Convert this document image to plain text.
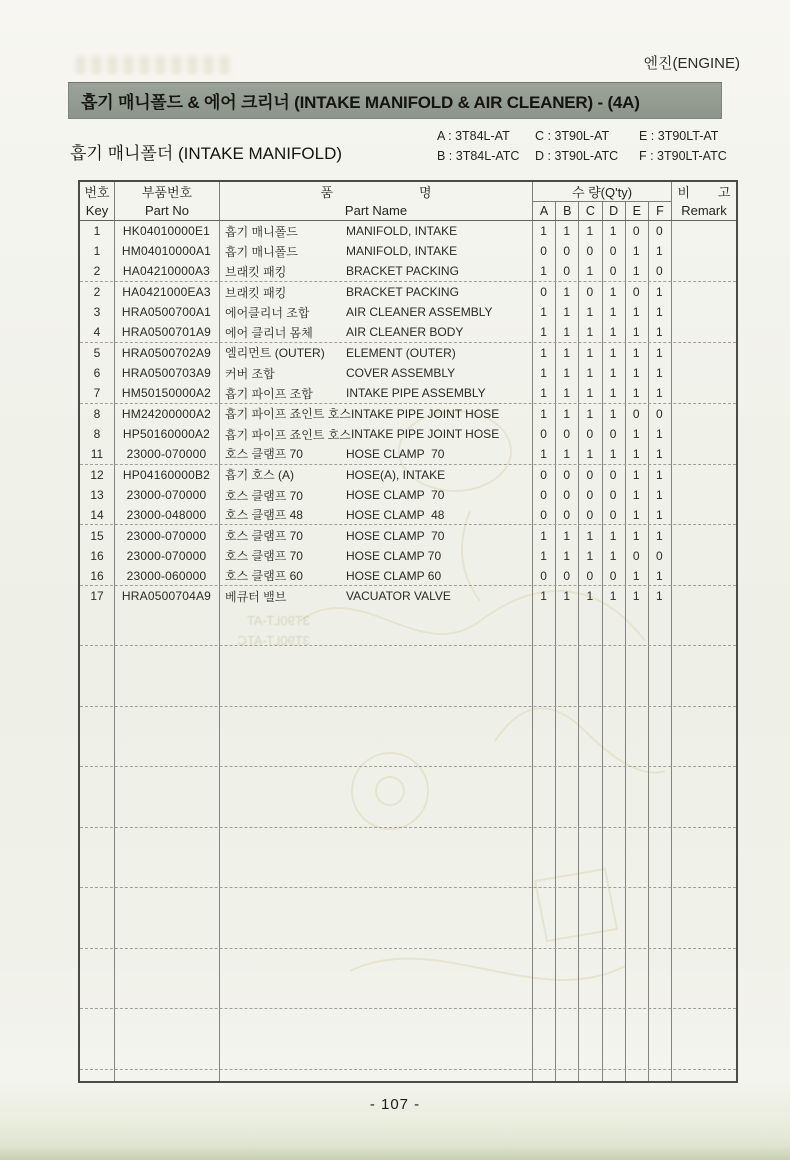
엔진(ENGINE)
흡기 매니폴드 & 에어 크리너 (INTAKE MANIFOLD & AIR CLEANER) - (4A)
흡기 매니폴더 (INTAKE MANIFOLD)
A : 3T84L-AT	C : 3T90L-AT	E : 3T90LT-AT
B : 3T84L-ATC	D : 3T90L-ATC	F : 3T90LT-ATC
번호
Key
부품번호
Part No
품	명
Part Name
수 량(Q'ty)
A	B	C	D	E	F
비 고
Remark
3T90LT-AT
3T90LT-ATC
1	HK04010000E1	흡기 매니폴드	MANIFOLD, INTAKE	1	1	1	1	0	0
1	HM04010000A1	흡기 매니폴드	MANIFOLD, INTAKE	0	0	0	0	1	1
2	HA04210000A3	브래킷 패킹	BRACKET PACKING	1	0	1	0	1	0
2	HA0421000EA3	브래킷 패킹	BRACKET PACKING	0	1	0	1	0	1
3	HRA0500700A1	에어클리너 조합	AIR CLEANER ASSEMBLY	1	1	1	1	1	1
4	HRA0500701A9	에어 클리너 몸체	AIR CLEANER BODY	1	1	1	1	1	1
5	HRA0500702A9	엘리먼트 (OUTER)	ELEMENT (OUTER)	1	1	1	1	1	1
6	HRA0500703A9	커버 조합	COVER ASSEMBLY	1	1	1	1	1	1
7	HM50150000A2	흡기 파이프 조합	INTAKE PIPE ASSEMBLY	1	1	1	1	1	1
8	HM24200000A2	흡기 파이프 죠인트 호스 INTAKE PIPE JOINT HOSE	1	1	1	1	0	0
8	HP50160000A2	흡기 파이프 죠인트 호스 INTAKE PIPE JOINT HOSE	0	0	0	0	1	1
11	23000-070000	호스 클램프 70	HOSE CLAMP  70	1	1	1	1	1	1
12	HP04160000B2	흡기 호스 (A)	HOSE(A), INTAKE	0	0	0	0	1	1
13	23000-070000	호스 클램프 70	HOSE CLAMP  70	0	0	0	0	1	1
14	23000-048000	호스 클램프 48	HOSE CLAMP  48	0	0	0	0	1	1
15	23000-070000	호스 클램프 70	HOSE CLAMP  70	1	1	1	1	1	1
16	23000-070000	호스 클램프 70	HOSE CLAMP 70	1	1	1	1	0	0
16	23000-060000	호스 클램프 60	HOSE CLAMP 60	0	0	0	0	1	1
17	HRA0500704A9	베큐터 밸브	VACUATOR VALVE	1	1	1	1	1	1
- 107 -
